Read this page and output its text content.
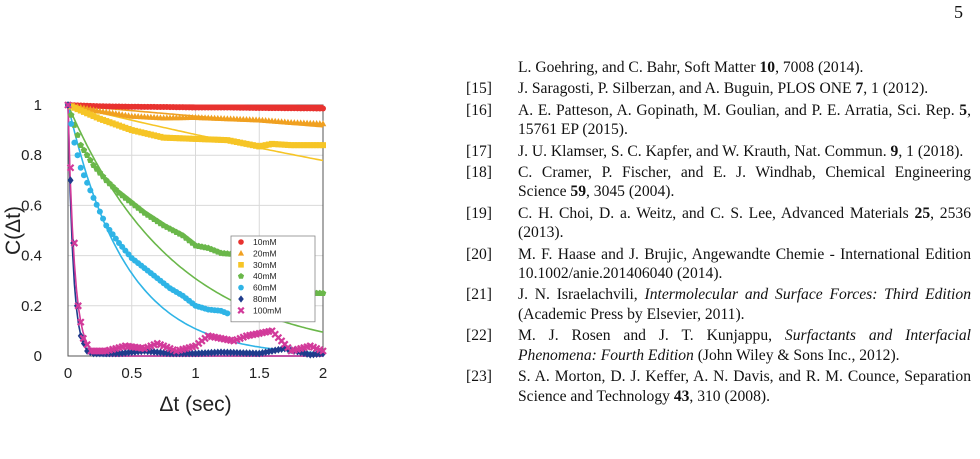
5
0	0.5	1	1.5	2
0
0.2
0.4
0.6
0.8
1
Δt (sec)
C(Δt)	10mM
20mM
30mM
40mM
60mM
80mM
100mM
L. Goehring, and C. Bahr, Soft Matter 10, 7008 (2014).
[15] J. Saragosti, P. Silberzan, and A. Buguin, PLOS ONE 7, 1 (2012).
[16] A. E. Patteson, A. Gopinath, M. Goulian, and P. E. Arratia, Sci. Rep. 5, 15761 EP (2015).
[17] J. U. Klamser, S. C. Kapfer, and W. Krauth, Nat. Commun. 9, 1 (2018).
[18] C. Cramer, P. Fischer, and E. J. Windhab, Chemical Engineering Science 59, 3045 (2004).
[19] C. H. Choi, D. a. Weitz, and C. S. Lee, Advanced Materials 25, 2536 (2013).
[20] M. F. Haase and J. Brujic, Angewandte Chemie - International Edition 10.1002/anie.201406040 (2014).
[21] J. N. Israelachvili, Intermolecular and Surface Forces: Third Edition (Academic Press by Elsevier, 2011).
[22] M. J. Rosen and J. T. Kunjappu, Surfactants and Interfacial Phenomena: Fourth Edition (John Wiley & Sons Inc., 2012).
[23] S. A. Morton, D. J. Keffer, A. N. Davis, and R. M. Counce, Separation Science and Technology 43, 310 (2008).
